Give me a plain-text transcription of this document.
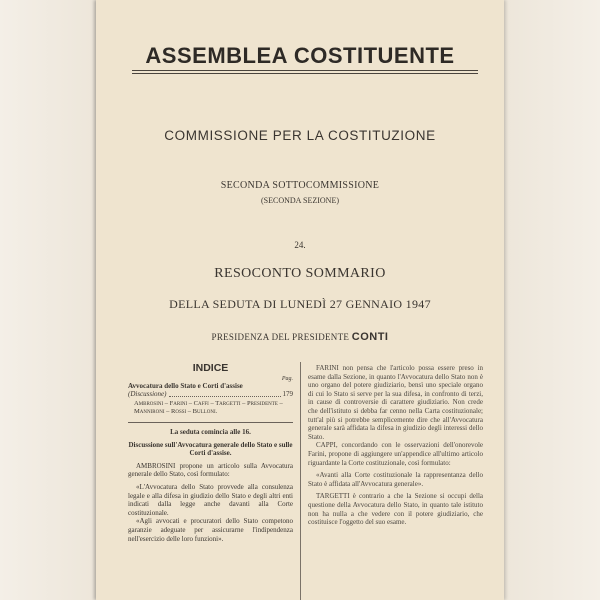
ASSEMBLEA COSTITUENTE
COMMISSIONE PER LA COSTITUZIONE
SECONDA SOTTOCOMMISSIONE
(SECONDA SEZIONE)
24.
RESOCONTO SOMMARIO
DELLA SEDUTA DI LUNEDÌ 27 GENNAIO 1947
PRESIDENZA DEL PRESIDENTE CONTI
INDICE
Pag.
Avvocatura dello Stato e Corti d'assise
(Discussione)	179
Ambrosini – Farini – Caffi – Targetti – Presidente – Mannironi – Rossi – Bulloni.
La seduta comincia alle 16.
Discussione sull'Avvocatura generale dello Stato e sulle Corti d'assise.

AMBROSINI propone un articolo sulla Avvocatura generale dello Stato, così formulato:

«L'Avvocatura dello Stato provvede alla consulenza legale e alla difesa in giudizio dello Stato e degli altri enti indicati dalla legge anche davanti alla Corte costituzionale.

«Agli avvocati e procuratori dello Stato competono garanzie adeguate per assicurarne l'indipendenza nell'esercizio delle loro funzioni».

FARINI non pensa che l'articolo possa essere preso in esame dalla Sezione, in quanto l'Avvocatura dello Stato non è uno organo del potere giudiziario, bensì uno speciale organo di cui lo Stato si serve per la sua difesa, in confronto di terzi, in cause di controversie di carattere giudiziario. Non crede che dell'istituto si debba far cenno nella Carta costituzionale; tutt'al più si potrebbe semplicemente dire che all'Avvocatura generale sarà affidata la difesa in giudizio degli interessi dello Stato.

CAPPI, concordando con le osservazioni dell'onorevole Farini, propone di aggiungere un'appendice all'ultimo articolo riguardante la Corte costituzionale, così formulato:

«Avanti alla Corte costituzionale la rappresentanza dello Stato è affidata all'Avvocatura generale».

TARGETTI è contrario a che la Sezione si occupi della questione della Avvocatura dello Stato, in quanto tale istituto non ha nulla a che vedere con il potere giudiziario, che costituisce l'oggetto del suo esame.
